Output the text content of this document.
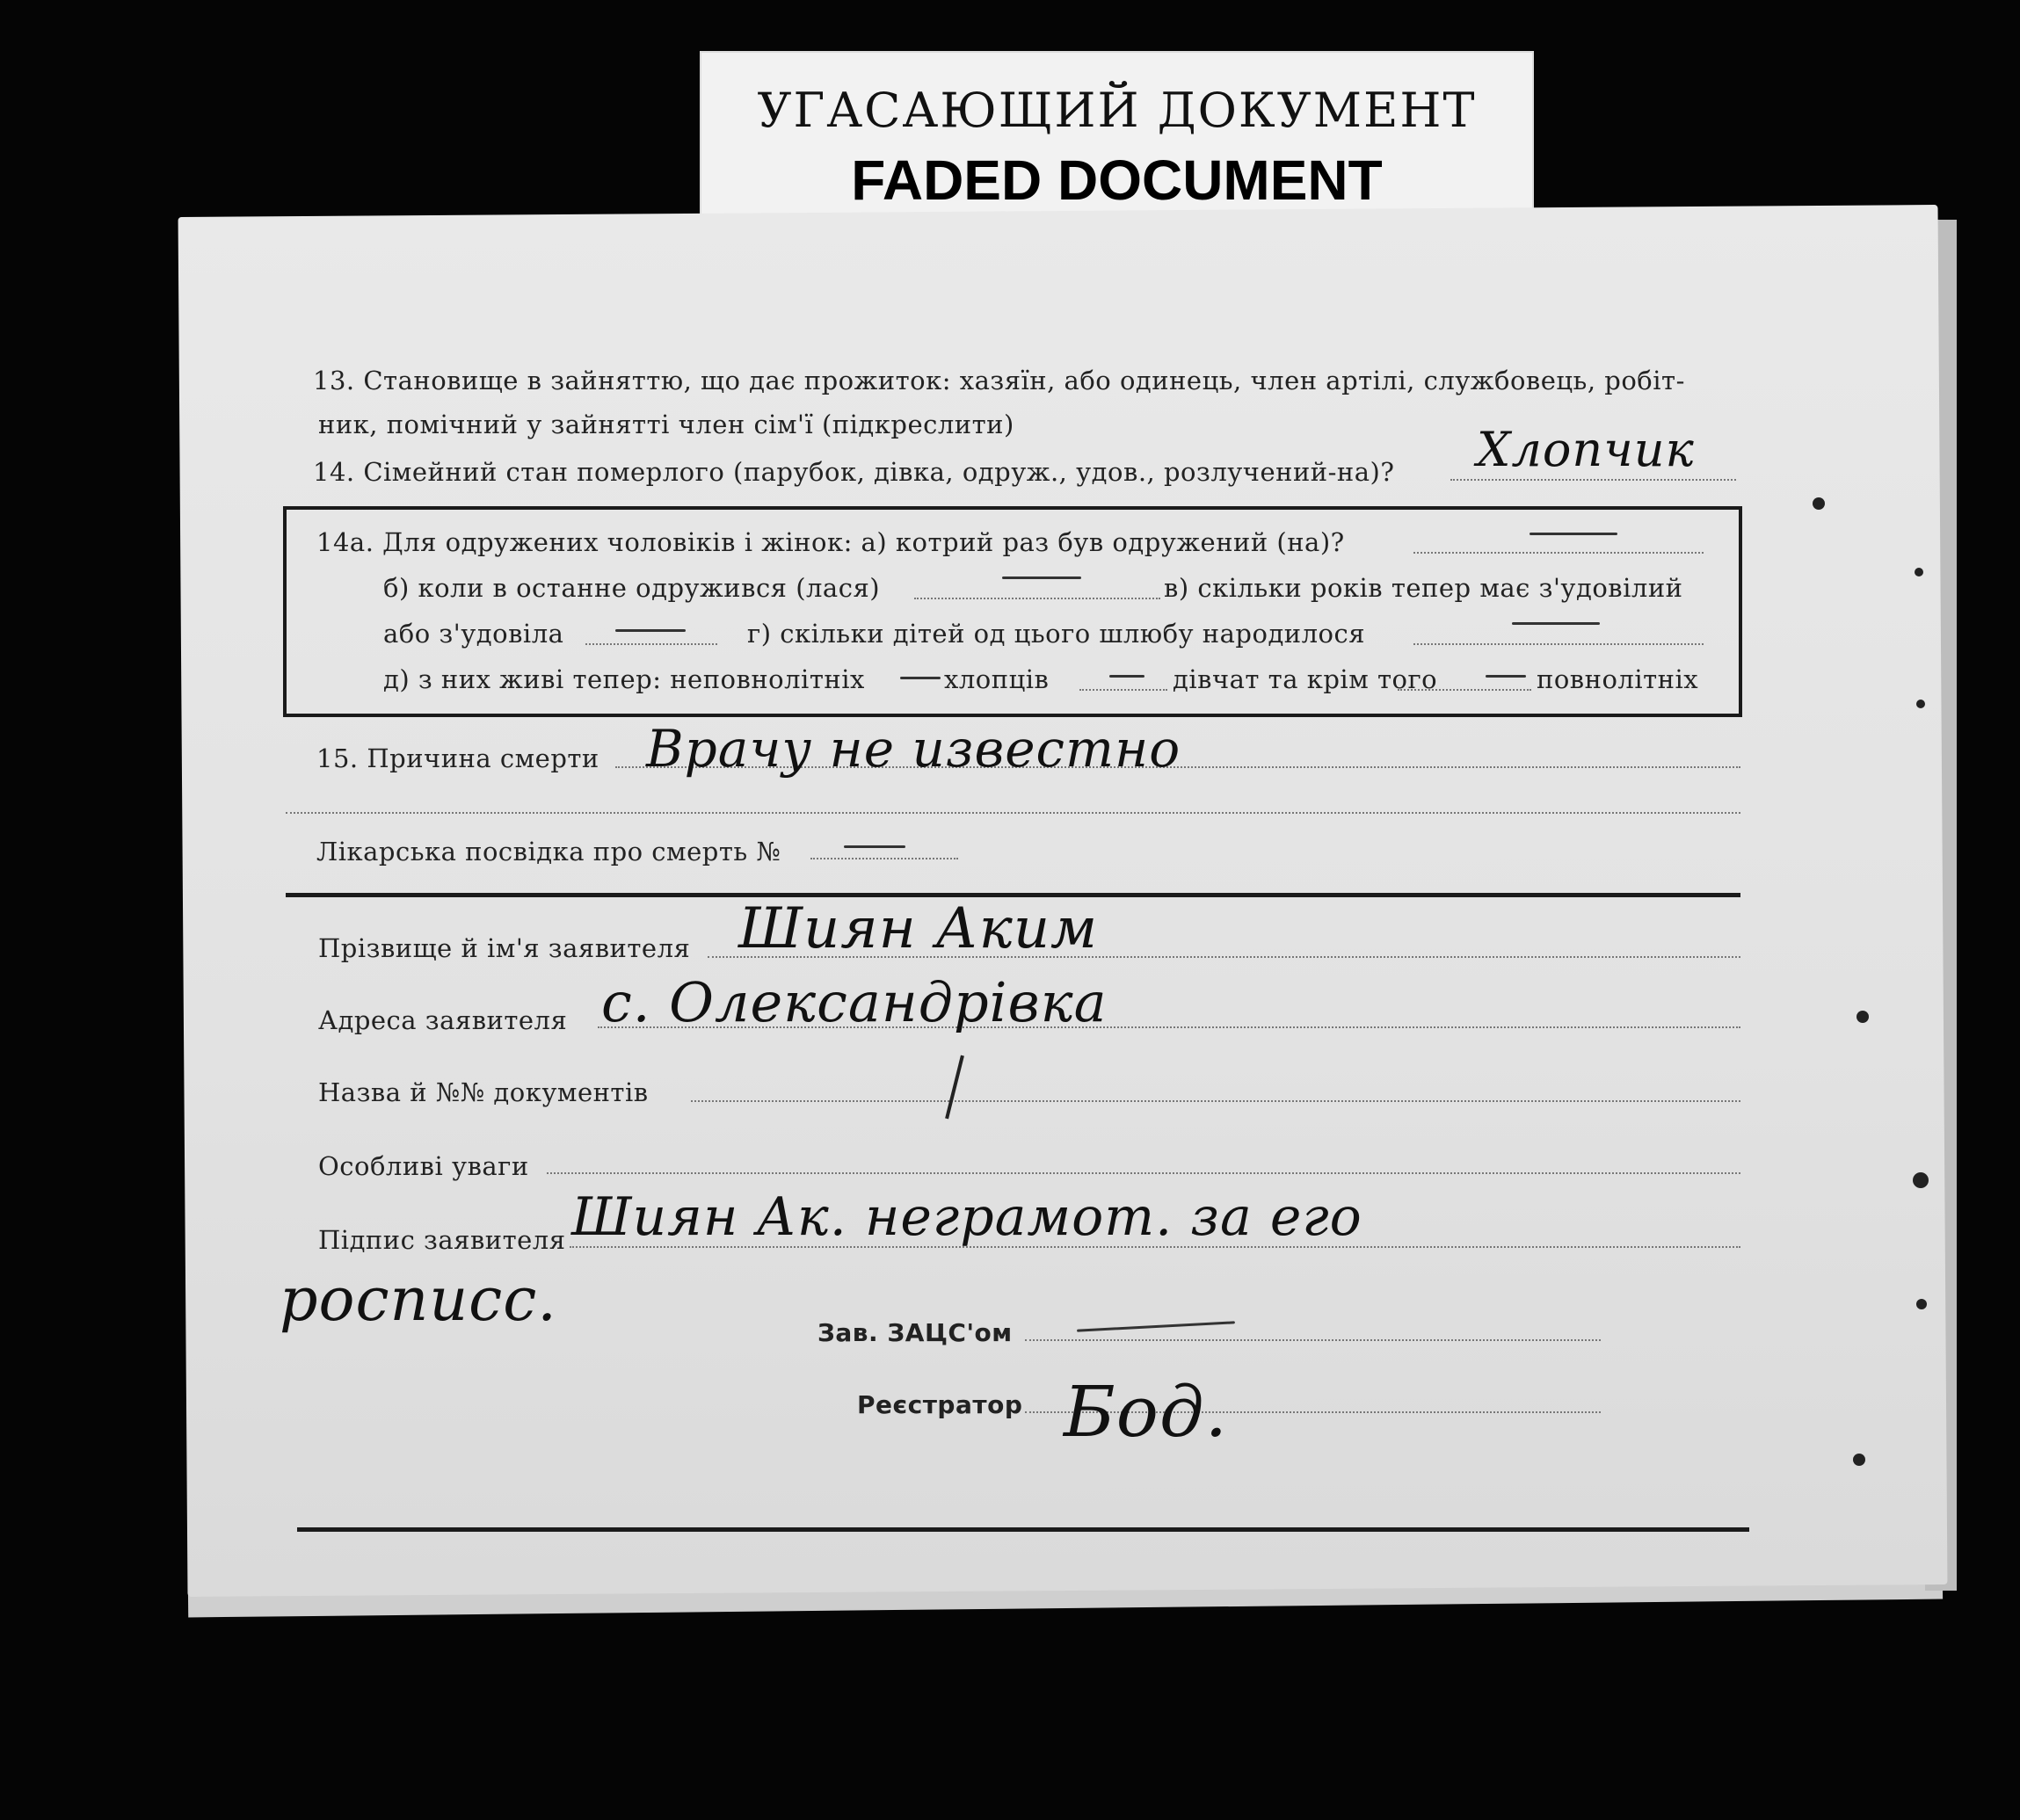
УГАСАЮЩИЙ ДОКУМЕНТ
FADED DOCUMENT
13. Становище в зайняттю, що дає прожиток: хазяїн, або одинець, член артілі, службовець, робіт-
ник, помічний у зайнятті член сім'ї (підкреслити)
14. Сімейний стан померлого (парубок, дівка, одруж., удов., розлучений-на)? Хлопчик
14а. Для одружених чоловіків і жінок: а) котрий раз був одружений (на)?
б) коли в останне одружився (лася)	в) скільки років тепер має з'удовілий
або з'удовіла	г) скільки дітей од цього шлюбу народилося
д) з них живі тепер: неповнолітніх	хлопців	дівчат та крім того	повнолітніх
15. Причина смерти Врачу не известно
Лікарська посвідка про смерть №
Прізвище й ім'я заявителя Шиян Аким
Адреса заявителя с. Олександрівка
Назва й №№ документів
Особливі уваги
Підпис заявителя Шиян Ак. неграмот. за его
росписс.	Зав. ЗАЦС'ом
Реєстратор Бод.
